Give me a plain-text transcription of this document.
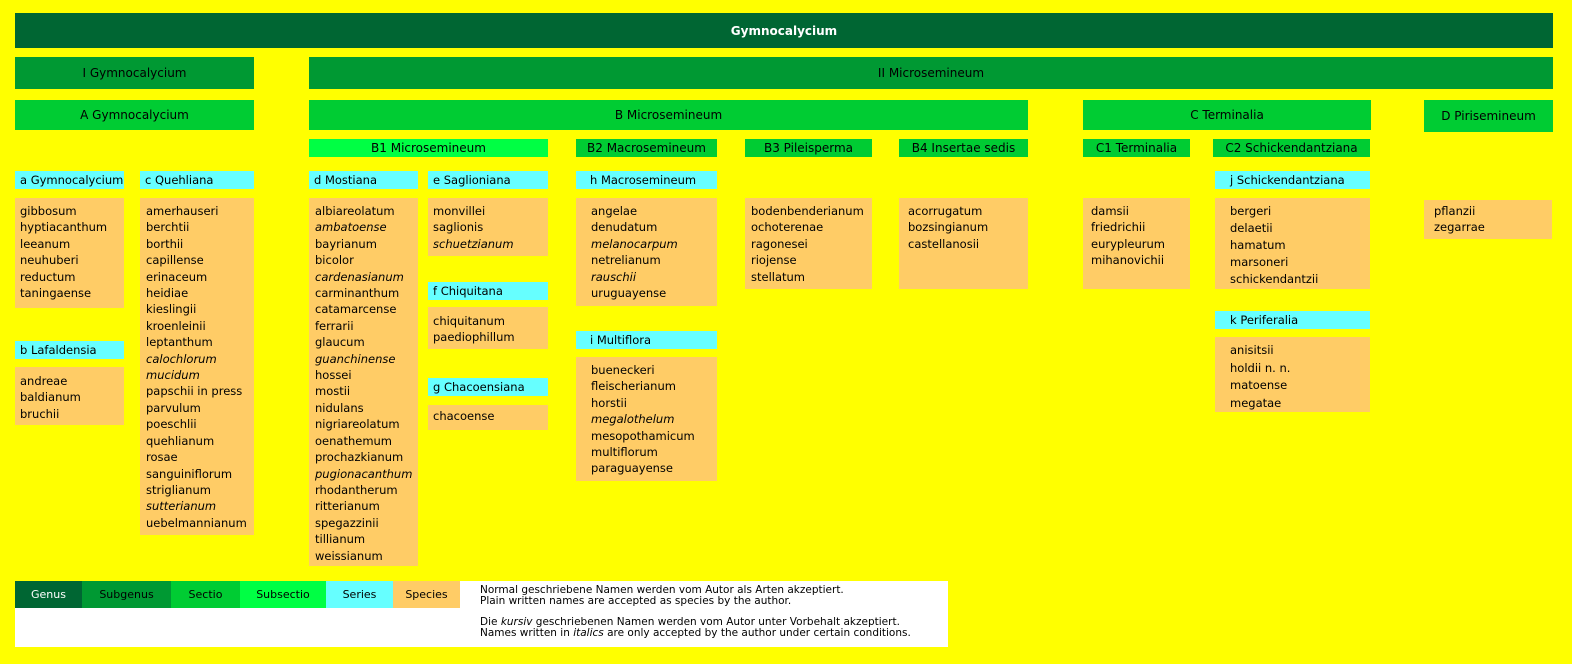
Gymnocalycium
I Gymnocalycium	II Microsemineum
A Gymnocalycium	B Microsemineum	C Terminalia	D Pirisemineum
B1 Microsemineum	B2 Macrosemineum	B3 Pileisperma	B4 Insertae sedis	C1 Terminalia	C2 Schickendantziana
a Gymnocalycium
b Lafaldensia
c Quehliana	d Mostiana	e Saglioniana
f Chiquitana
g Chacoensiana
h Macrosemineum
i Multiflora
j Schickendantziana
k Periferalia
gibbosum
hyptiacanthum
leeanum
neuhuberi
reductum
taningaense
andreae
baldianum
bruchii
amerhauseri
berchtii
borthii
capillense
erinaceum
heidiae
kieslingii
kroenleinii
leptanthum
calochlorum
mucidum
papschii in press
parvulum
poeschlii
quehlianum
rosae
sanguiniflorum
striglianum
sutterianum
uebelmannianum
albiareolatum
ambatoense
bayrianum
bicolor
cardenasianum
carminanthum
catamarcense
ferrarii
glaucum
guanchinense
hossei
mostii
nidulans
nigriareolatum
oenathemum
prochazkianum
pugionacanthum
rhodantherum
ritterianum
spegazzinii
tillianum
weissianum
monvillei
saglionis
schuetzianum
chiquitanum
paediophillum
chacoense
angelae
denudatum
melanocarpum
netrelianum
rauschii
uruguayense
bueneckeri
fleischerianum
horstii
megalothelum
mesopothamicum
multiflorum
paraguayense
bodenbenderianum
ochoterenae
ragonesei
riojense
stellatum
acorrugatum
bozsingianum
castellanosii
damsii
friedrichii
eurypleurum
mihanovichii
bergeri
delaetii
hamatum
marsoneri
schickendantzii
anisitsii
holdii n. n.
matoense
megatae
pflanzii
zegarrae
Genus	Subgenus	Sectio	Subsectio	Series	Species	Normal geschriebene Namen werden vom Autor als Arten akzeptiert.
Plain written names are accepted as species by the author.
Die kursiv geschriebenen Namen werden vom Autor unter Vorbehalt akzeptiert.
Names written in italics are only accepted by the author under certain conditions.
